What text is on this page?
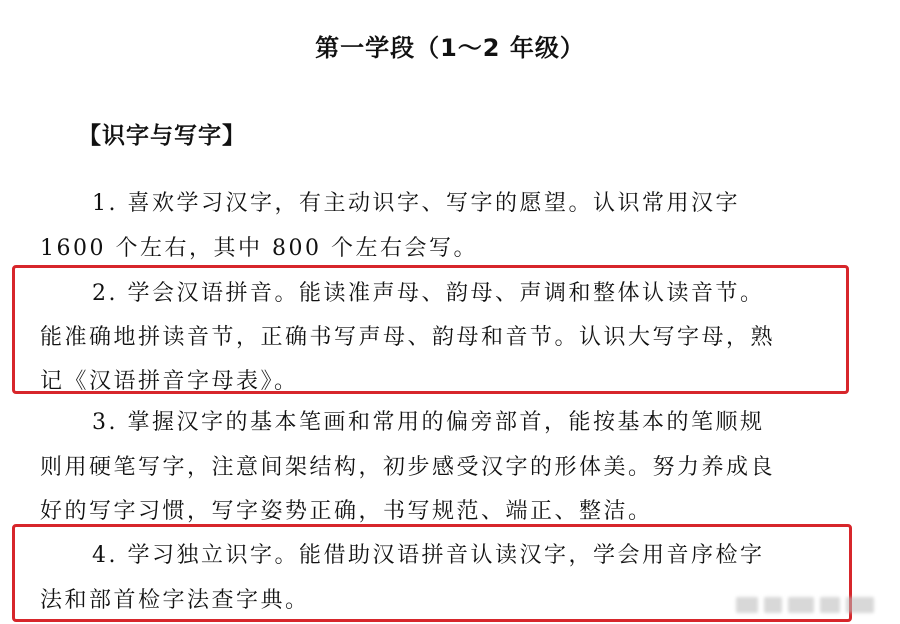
第一学段（1～2 年级）
【识字与写字】
1. 喜欢学习汉字，有主动识字、写字的愿望。认识常用汉字
1600 个左右，其中 800 个左右会写。
2. 学会汉语拼音。能读准声母、韵母、声调和整体认读音节。
能准确地拼读音节，正确书写声母、韵母和音节。认识大写字母，熟
记《汉语拼音字母表》。
3. 掌握汉字的基本笔画和常用的偏旁部首，能按基本的笔顺规
则用硬笔写字，注意间架结构，初步感受汉字的形体美。努力养成良
好的写字习惯，写字姿势正确，书写规范、端正、整洁。
4. 学习独立识字。能借助汉语拼音认读汉字，学会用音序检字
法和部首检字法查字典。
